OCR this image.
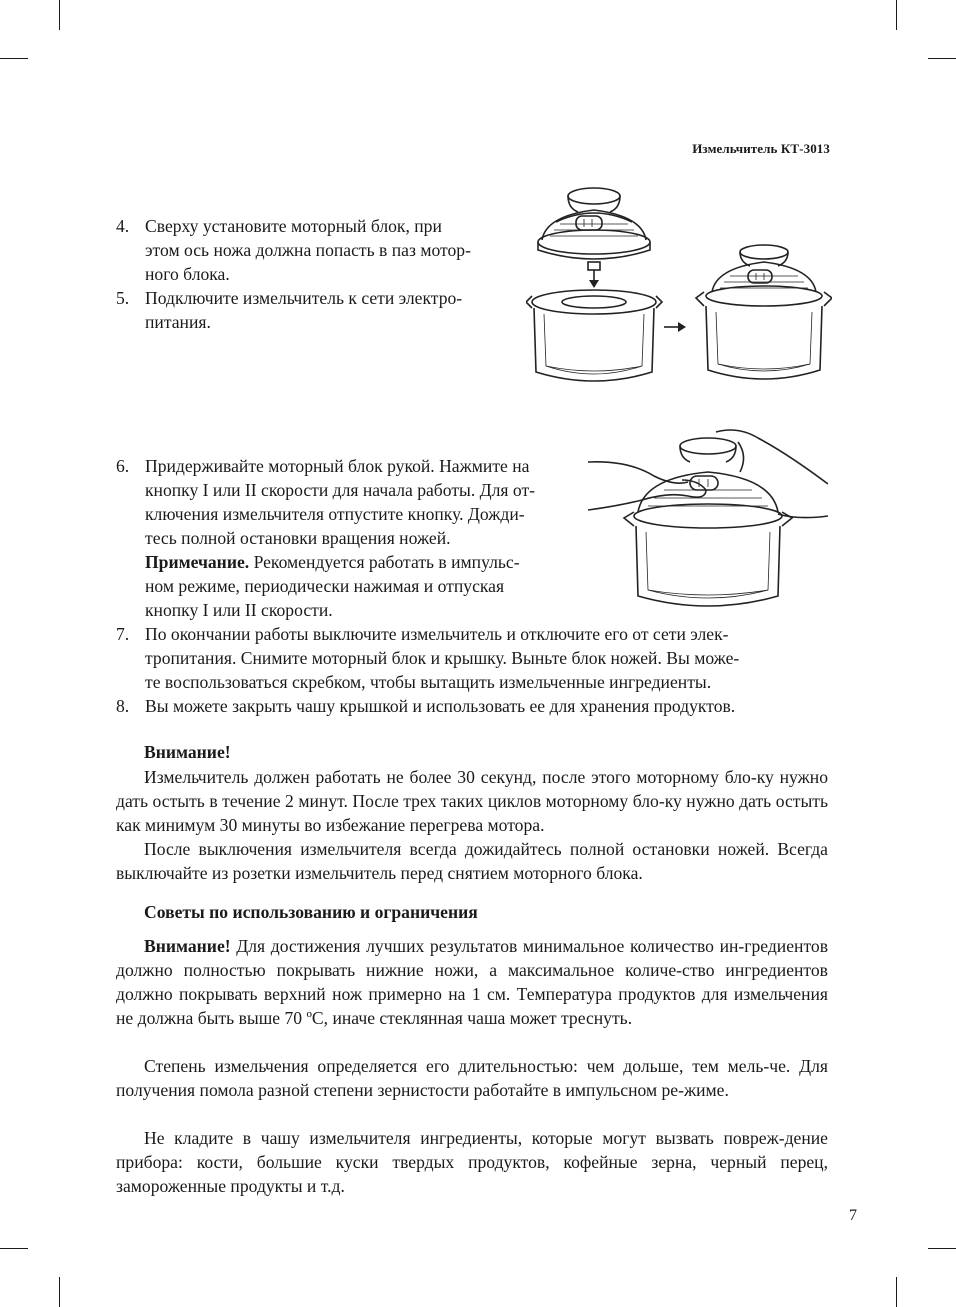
Измельчитель КТ-3013
4. Сверху установите моторный блок, при
этом ось ножа должна попасть в паз мотор-
ного блока.
5. Подключите измельчитель к сети электро-
питания.
6. Придерживайте моторный блок рукой. Нажмите на
кнопку I или II скорости для начала работы. Для от-
ключения измельчителя отпустите кнопку. Дожди-
тесь полной остановки вращения ножей.
Примечание. Рекомендуется работать в импульс-
ном режиме, периодически нажимая и отпуская
кнопку I или II скорости.
7. По окончании работы выключите измельчитель и отключите его от сети элек-
тропитания. Снимите моторный блок и крышку. Выньте блок ножей. Вы може-
те воспользоваться скребком, чтобы вытащить измельченные ингредиенты.
8. Вы можете закрыть чашу крышкой и использовать ее для хранения продуктов.
Внимание!
Измельчитель должен работать не более 30 секунд, после этого моторному бло-ку нужно дать остыть в течение 2 минут. После трех таких циклов моторному бло-ку нужно дать остыть как минимум 30 минуты во избежание перегрева мотора.
После выключения измельчителя всегда дожидайтесь полной остановки ножей. Всегда выключайте из розетки измельчитель перед снятием моторного блока.
Советы по использованию и ограничения
Внимание! Для достижения лучших результатов минимальное количество ин-гредиентов должно полностью покрывать нижние ножи, а максимальное количе-ство ингредиентов должно покрывать верхний нож примерно на 1 см. Температура продуктов для измельчения не должна быть выше 70 ºС, иначе стеклянная чаша может треснуть.
Степень измельчения определяется его длительностью: чем дольше, тем мель-че. Для получения помола разной степени зернистости работайте в импульсном ре-жиме.
Не кладите в чашу измельчителя ингредиенты, которые могут вызвать повреж-дение прибора: кости, большие куски твердых продуктов, кофейные зерна, черный перец, замороженные продукты и т.д.
7
